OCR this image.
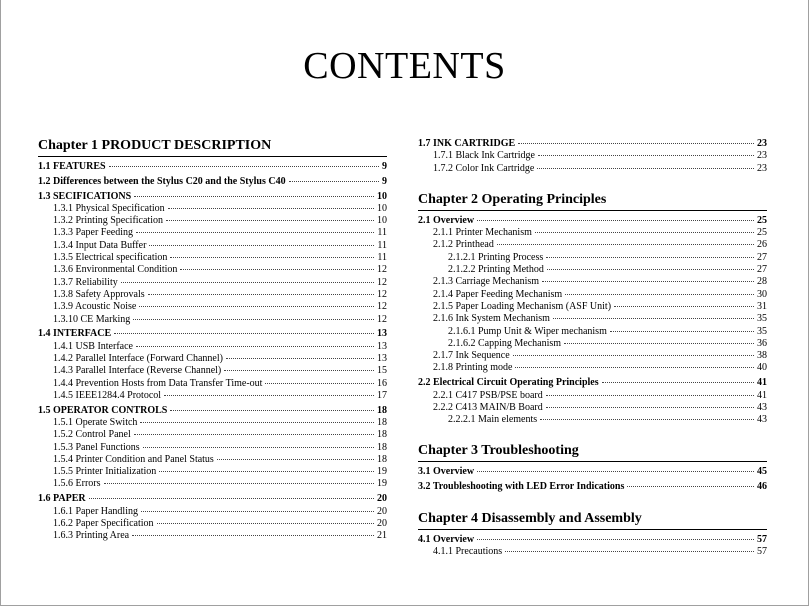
CONTENTS
Chapter 1 PRODUCT DESCRIPTION
1.1 FEATURES	9
1.2 Differences between the Stylus C20 and the Stylus C40	9
1.3 SECIFICATIONS	10
1.3.1 Physical Specification	10
1.3.2 Printing Specification	10
1.3.3 Paper Feeding	11
1.3.4 Input Data Buffer	11
1.3.5 Electrical specification	11
1.3.6 Environmental Condition	12
1.3.7 Reliability	12
1.3.8 Safety Approvals	12
1.3.9 Acoustic Noise	12
1.3.10 CE Marking	12
1.4 INTERFACE	13
1.4.1 USB Interface	13
1.4.2 Parallel Interface (Forward Channel)	13
1.4.3 Parallel Interface (Reverse Channel)	15
1.4.4 Prevention Hosts from Data Transfer Time-out	16
1.4.5 IEEE1284.4 Protocol	17
1.5 OPERATOR CONTROLS	18
1.5.1 Operate Switch	18
1.5.2 Control Panel	18
1.5.3 Panel Functions	18
1.5.4 Printer Condition and Panel Status	18
1.5.5 Printer Initialization	19
1.5.6 Errors	19
1.6 PAPER	20
1.6.1 Paper Handling	20
1.6.2 Paper Specification	20
1.6.3 Printing Area	21
1.7 INK CARTRIDGE	23
1.7.1 Black Ink Cartridge	23
1.7.2 Color Ink Cartridge	23
Chapter 2 Operating Principles
2.1 Overview	25
2.1.1 Printer Mechanism	25
2.1.2 Printhead	26
2.1.2.1 Printing Process	27
2.1.2.2 Printing Method	27
2.1.3 Carriage Mechanism	28
2.1.4 Paper Feeding Mechanism	30
2.1.5 Paper Loading Mechanism (ASF Unit)	31
2.1.6 Ink System Mechanism	35
2.1.6.1 Pump Unit & Wiper mechanism	35
2.1.6.2 Capping Mechanism	36
2.1.7 Ink Sequence	38
2.1.8 Printing mode	40
2.2 Electrical Circuit Operating Principles	41
2.2.1 C417 PSB/PSE board	41
2.2.2 C413 MAIN/B Board	43
2.2.2.1 Main elements	43
Chapter 3 Troubleshooting
3.1 Overview	45
3.2 Troubleshooting with LED Error Indications	46
Chapter 4 Disassembly and Assembly
4.1 Overview	57
4.1.1 Precautions	57
